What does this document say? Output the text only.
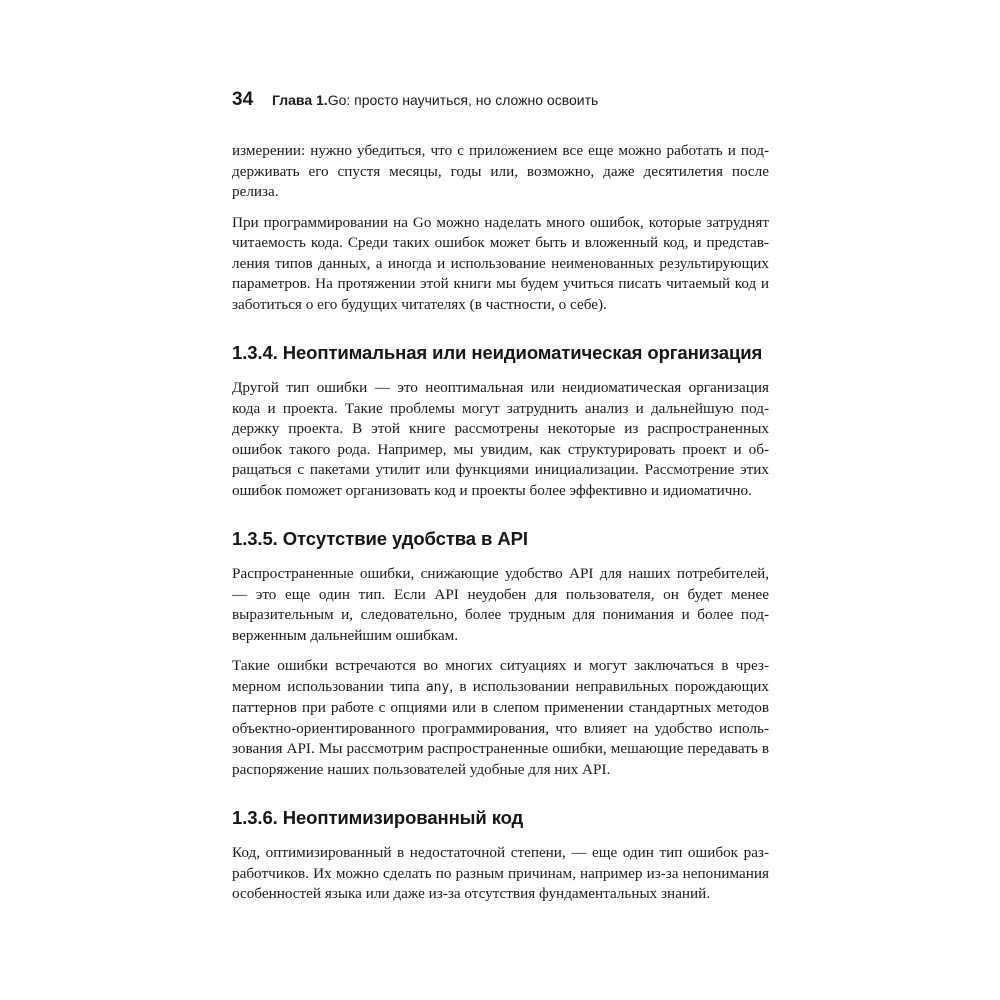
34 Глава 1.Go: просто научиться, но сложно освоить

измерении: нужно убедиться, что с приложением все еще можно работать и поддерживать его спустя месяцы, годы или, возможно, даже десятилетия после релиза.

При программировании на Go можно наделать много ошибок, которые затруднят читаемость кода. Среди таких ошибок может быть и вложенный код, и представления типов данных, а иногда и использование неименованных результирующих параметров. На протяжении этой книги мы будем учиться писать читаемый код и заботиться о его будущих читателях (в частности, о себе).

1.3.4. Неоптимальная или неидиоматическая организация

Другой тип ошибки — это неоптимальная или неидиоматическая организация кода и проекта. Такие проблемы могут затруднить анализ и дальнейшую поддержку проекта. В этой книге рассмотрены некоторые из распространенных ошибок такого рода. Например, мы увидим, как структурировать проект и обращаться с пакетами утилит или функциями инициализации. Рассмотрение этих ошибок поможет организовать код и проекты более эффективно и идиоматично.

1.3.5. Отсутствие удобства в API

Распространенные ошибки, снижающие удобство API для наших потребителей, — это еще один тип. Если API неудобен для пользователя, он будет менее выразительным и, следовательно, более трудным для понимания и более подверженным дальнейшим ошибкам.

Такие ошибки встречаются во многих ситуациях и могут заключаться в чрезмерном использовании типа any, в использовании неправильных порождающих паттернов при работе с опциями или в слепом применении стандартных методов объектно-ориентированного программирования, что влияет на удобство использования API. Мы рассмотрим распространенные ошибки, мешающие передавать в распоряжение наших пользователей удобные для них API.

1.3.6. Неоптимизированный код

Код, оптимизированный в недостаточной степени, — еще один тип ошибок разработчиков. Их можно сделать по разным причинам, например из-за непонимания особенностей языка или даже из-за отсутствия фундаментальных знаний.
